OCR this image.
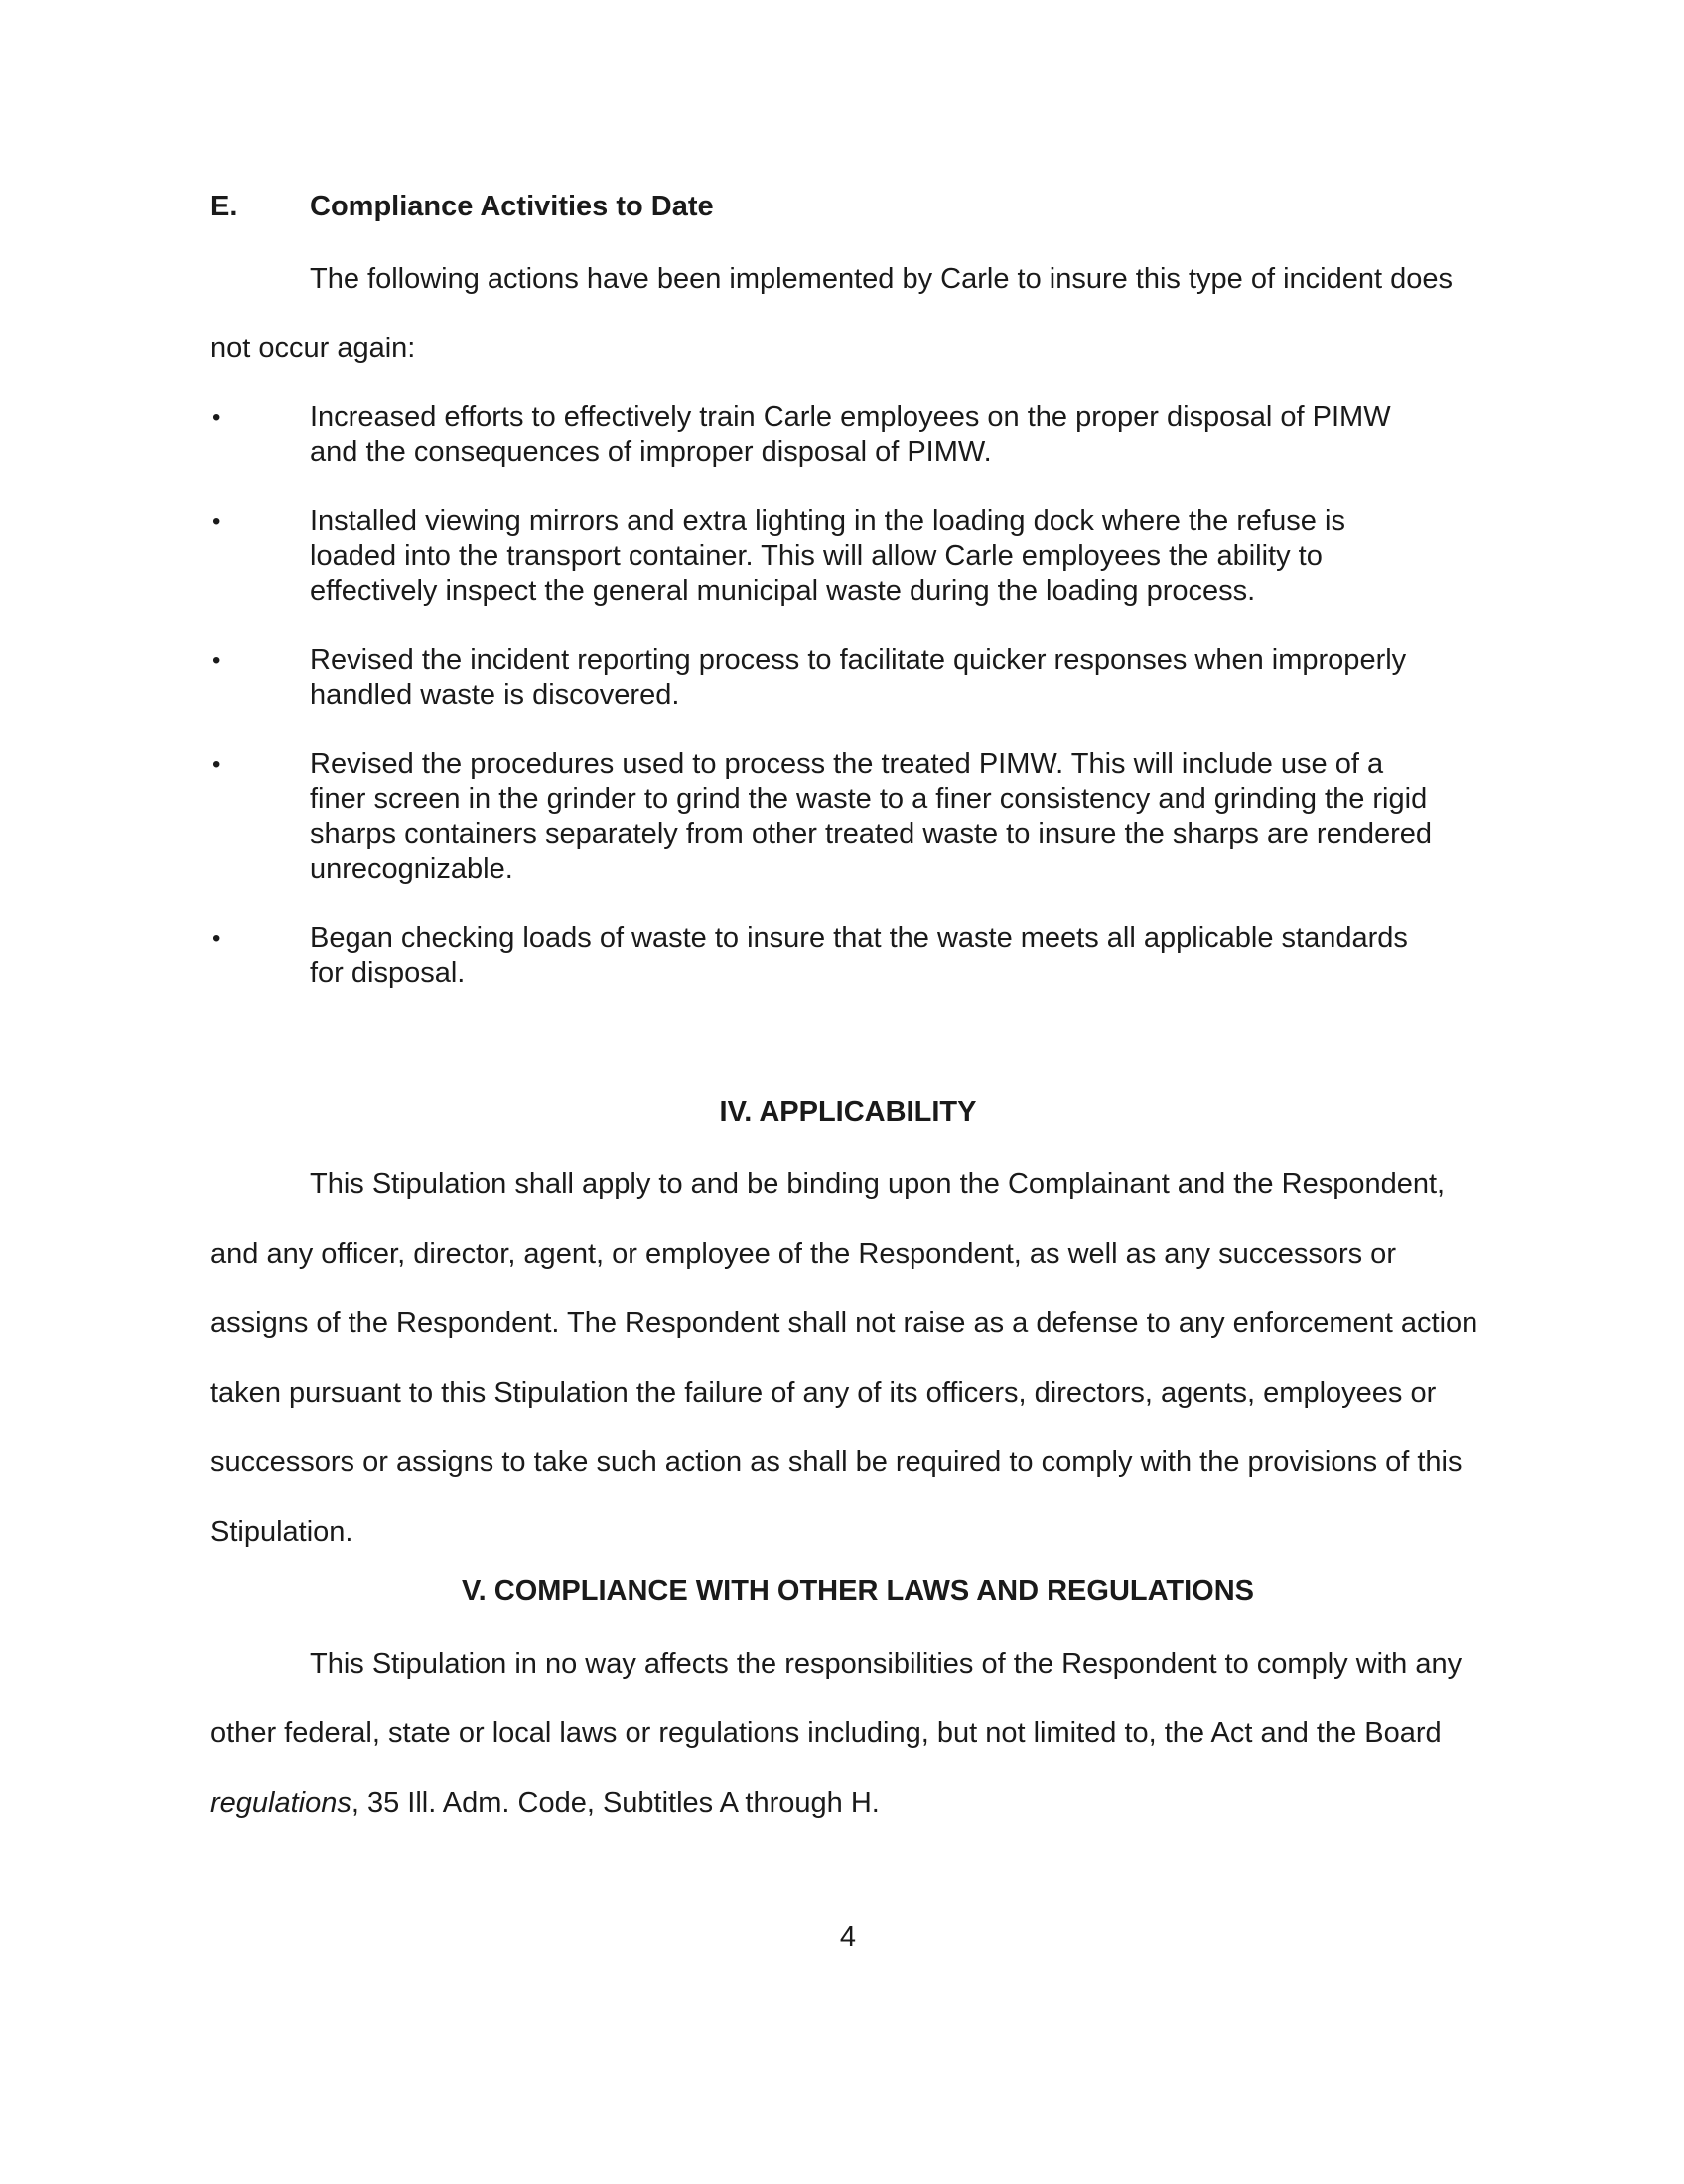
E.	Compliance Activities to Date

The following actions have been implemented by Carle to insure this type of incident does not occur again:

•	Increased efforts to effectively train Carle employees on the proper disposal of PIMW and the consequences of improper disposal of PIMW.
•	Installed viewing mirrors and extra lighting in the loading dock where the refuse is loaded into the transport container. This will allow Carle employees the ability to effectively inspect the general municipal waste during the loading process.
•	Revised the incident reporting process to facilitate quicker responses when improperly handled waste is discovered.
•	Revised the procedures used to process the treated PIMW. This will include use of a finer screen in the grinder to grind the waste to a finer consistency and grinding the rigid sharps containers separately from other treated waste to insure the sharps are rendered unrecognizable.
•	Began checking loads of waste to insure that the waste meets all applicable standards for disposal.
IV. APPLICABILITY

This Stipulation shall apply to and be binding upon the Complainant and the Respondent, and any officer, director, agent, or employee of the Respondent, as well as any successors or assigns of the Respondent. The Respondent shall not raise as a defense to any enforcement action taken pursuant to this Stipulation the failure of any of its officers, directors, agents, employees or successors or assigns to take such action as shall be required to comply with the provisions of this Stipulation.

V. COMPLIANCE WITH OTHER LAWS AND REGULATIONS

This Stipulation in no way affects the responsibilities of the Respondent to comply with any other federal, state or local laws or regulations including, but not limited to, the Act and the Board regulations, 35 Ill. Adm. Code, Subtitles A through H.

4
